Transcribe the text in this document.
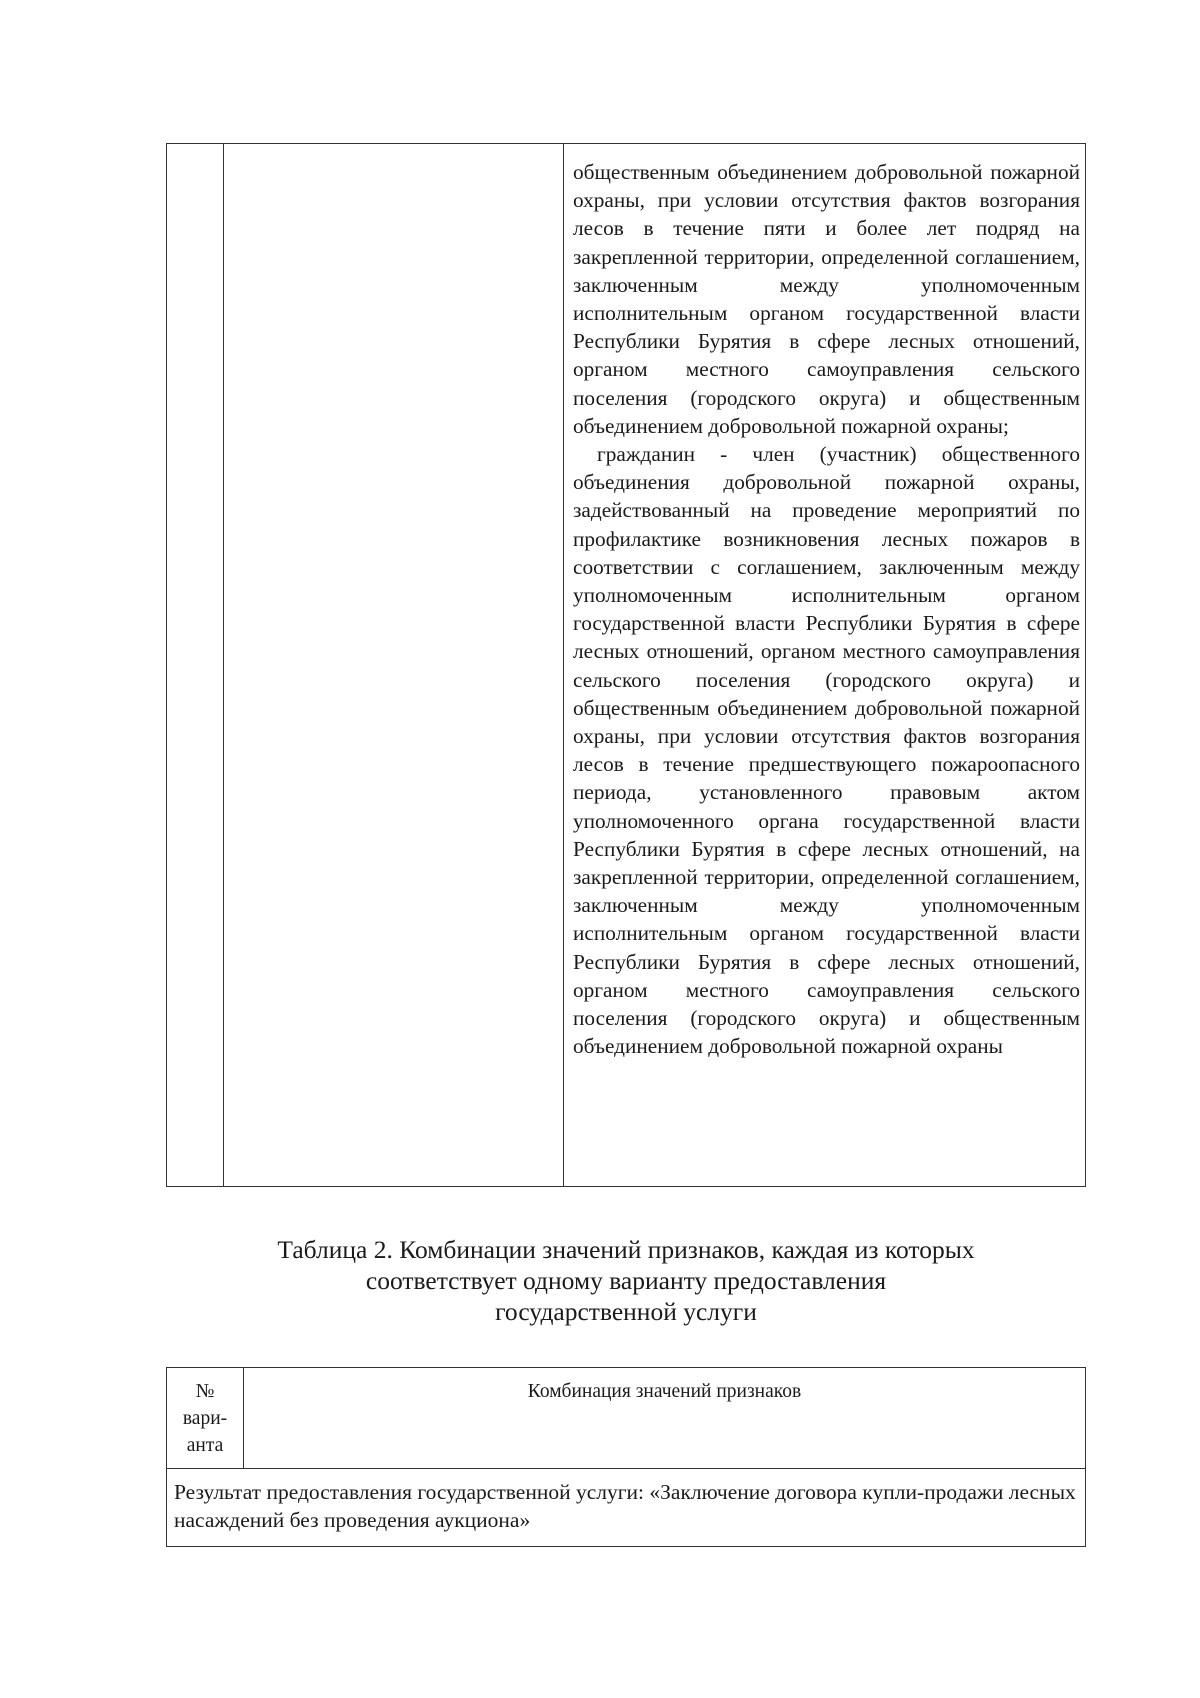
общественным объединением добровольной пожарной охраны, при условии отсутствия фактов возгорания лесов в течение пяти и более лет подряд на закрепленной территории, определенной соглашением, заключенным между уполномоченным исполнительным органом государственной власти Республики Бурятия в сфере лесных отношений, органом местного самоуправления сельского поселения (городского округа) и общественным объединением добровольной пожарной охраны;

гражданин - член (участник) общественного объединения добровольной пожарной охраны, задействованный на проведение мероприятий по профилактике возникновения лесных пожаров в соответствии с соглашением, заключенным между уполномоченным исполнительным органом государственной власти Республики Бурятия в сфере лесных отношений, органом местного самоуправления сельского поселения (городского округа) и общественным объединением добровольной пожарной охраны, при условии отсутствия фактов возгорания лесов в течение предшествующего пожароопасного периода, установленного правовым актом уполномоченного органа государственной власти Республики Бурятия в сфере лесных отношений, на закрепленной территории, определенной соглашением, заключенным между уполномоченным исполнительным органом государственной власти Республики Бурятия в сфере лесных отношений, органом местного самоуправления сельского поселения (городского округа) и общественным объединением добровольной пожарной охраны

Таблица 2. Комбинации значений признаков, каждая из которых
соответствует одному варианту предоставления
государственной услуги
№
вари-
анта
Комбинация значений признаков
Результат предоставления государственной услуги: «Заключение договора купли-продажи лесных насаждений без проведения аукциона»
